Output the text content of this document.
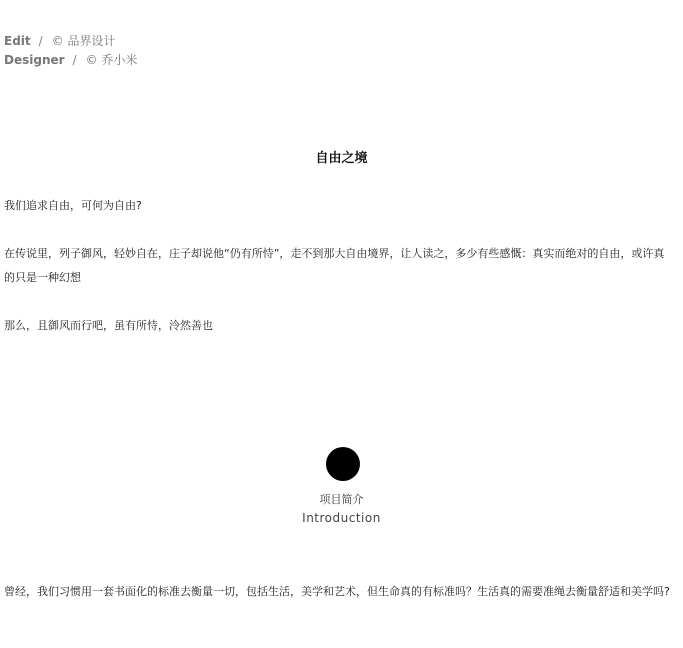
Edit / © 品界设计
Designer / © 乔小米
自由之境

我们追求自由，可何为自由?

在传说里，列子御风，轻妙自在，庄子却说他“仍有所恃”，走不到那大自由境界，让人读之，多少有些感慨：真实而绝对的自由，或许真的只是一种幻想

那么，且御风而行吧，虽有所恃，泠然善也

项目简介
Introduction

曾经，我们习惯用一套书面化的标准去衡量一切，包括生活，美学和艺术，但生命真的有标准吗？生活真的需要准绳去衡量舒适和美学吗?
